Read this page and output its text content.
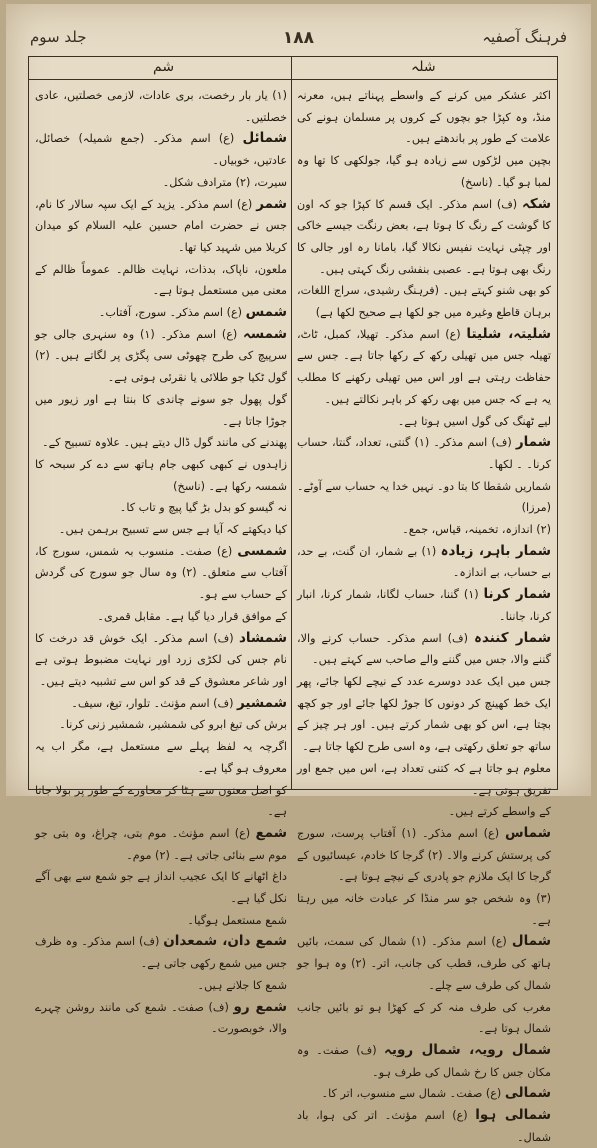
فرہنگ آصفیہ
۱۸۸
جلد سوم
شلہ
شم

اکثر عشکر میں کرنے کے واسطے پہناتے ہیں، معرنہ منڈ، وہ کپڑا جو بچوں کے کروں پر مسلمان ہونے کی علامت کے طور پر باندھتے ہیں۔

بچپن میں لڑکوں سے زیادہ ہو گیا، جولکھی کا تھا وہ لمبا ہو گیا۔ (ناسخ)

شکہ (ف) اسم مذکر۔ ایک قسم کا کپڑا جو کہ اون کا گوشت کے رنگ کا ہوتا ہے، بعض رنگت جیسے خاکی اور چپٹی نہایت نفیس نکالا گیا، بامانا رہ اور جالی کا رنگ بھی ہوتا ہے۔ عصبی بنفشی رنگ کہتی ہیں۔

کو بھی شنو کہتے ہیں۔ (فرہنگ رشیدی، سراج اللغات، برہان قاطع وغیرہ میں جو لکھا ہے صحیح لکھا ہے)

شلیتہ، شلیتا (ع) اسم مذکر۔ تھیلا، کمبل، ٹاٹ، تھیلہ جس میں تھیلی رکھ کے رکھا جاتا ہے۔ جس سے حفاظت رہتی ہے اور اس میں تھیلی رکھنے کا مطلب یہ ہے کہ جس میں بھی رکھ کر باہر نکالتے ہیں۔

لیے ٹھنگ کی گول اسیں ہوتا ہے۔

شمار (ف) اسم مذکر۔ (۱) گنتی، تعداد، گنتا، حساب کرنا۔ ۔ لکھا۔

شماریں شقطا کا بتا دو۔ نہیں خدا یہ حساب سے آوٹے۔ (مرزا)

(۲) اندازہ، تخمینہ، قیاس، جمع۔

شمار باہر، زیادہ (۱) بے شمار، ان گنت، بے حد، بے حساب، بے اندازہ۔

شمار کرنا (۱) گننا، حساب لگانا، شمار کرنا، انبار کرنا، جاننا۔

شمار کنندہ (ف) اسم مذکر۔ حساب کرنے والا، گننے والا، جس میں گننے والے صاحب سے کہتے ہیں۔

جس میں ایک عدد دوسرے عدد کے نیچے لکھا جائے، پھر ایک خط کھینچ کر دونوں کا جوڑ لکھا جائے اور جو کچھ بچتا ہے، اس کو بھی شمار کرتے ہیں۔ اور ہر چیز کے ساتھ جو تعلق رکھتی ہے، وہ اسی طرح لکھا جاتا ہے۔

معلوم ہو جاتا ہے کہ کتنی تعداد ہے، اس میں جمع اور تفریق ہوتی ہے۔

کے واسطے کرتے ہیں۔

شماس (ع) اسم مذکر۔ (۱) آفتاب پرست، سورج کی پرستش کرنے والا۔ (۲) گرجا کا خادم، عیسائیوں کے گرجا کا ایک ملازم جو پادری کے نیچے ہوتا ہے۔

(۳) وہ شخص جو سر منڈا کر عبادت خانہ میں رہتا ہے۔

شمال (ع) اسم مذکر۔ (۱) شمال کی سمت، بائیں ہاتھ کی طرف، قطب کی جانب، اتر۔ (۲) وہ ہوا جو شمال کی طرف سے چلے۔

مغرب کی طرف منہ کر کے کھڑا ہو تو بائیں جانب شمال ہوتا ہے۔

شمال رویہ، شمال رویہ (ف) صفت۔ وہ مکان جس کا رخ شمال کی طرف ہو۔

شمالی (ع) صفت۔ شمال سے منسوب، اتر کا۔

شمالی ہوا (ع) اسم مؤنث۔ اتر کی ہوا، باد شمال۔

(۱) یار بار رخصت، بری عادات، لازمی خصلتیں، عادی خصلتیں۔

شمائل (ع) اسم مذکر۔ (جمع شمیلہ) خصائل، عادتیں، خوبیاں۔

سیرت، (۲) مترادف شکل۔

شمر (ع) اسم مذکر۔ یزید کے ایک سپہ سالار کا نام، جس نے حضرت امام حسین علیہ السلام کو میدان کربلا میں شہید کیا تھا۔

ملعون، ناپاک، بدذات، نہایت ظالم۔ عموماً ظالم کے معنی میں مستعمل ہوتا ہے۔

شمس (ع) اسم مذکر۔ سورج، آفتاب۔

شمسہ (ع) اسم مذکر۔ (۱) وہ سنہری جالی جو سرپیچ کی طرح چھوٹی سی پگڑی پر لگاتے ہیں۔ (۲) گول ٹکیا جو طلائی یا نقرئی ہوتی ہے۔

گول پھول جو سونے چاندی کا بنتا ہے اور زیور میں جوڑا جاتا ہے۔

پھندنے کی مانند گول ڈال دیتے ہیں۔ علاوہ تسبیح کے۔

زاہدوں نے کبھی کبھی جام ہاتھ سے دے کر سبحہ کا شمسہ رکھا ہے۔ (ناسخ)

نہ گیسو کو بدل بڑ گیا پیچ و تاب کا۔

کیا دیکھتے کہ آیا ہے جس سے تسبیح برہمن ہیں۔

شمسی (ع) صفت۔ منسوب بہ شمس، سورج کا، آفتاب سے متعلق۔ (۲) وہ سال جو سورج کی گردش کے حساب سے ہو۔

کے موافق قرار دیا گیا ہے۔ مقابل قمری۔

شمشاد (ف) اسم مذکر۔ ایک خوش قد درخت کا نام جس کی لکڑی زرد اور نہایت مضبوط ہوتی ہے اور شاعر معشوق کے قد کو اس سے تشبیہ دیتے ہیں۔

شمشیر (ف) اسم مؤنث۔ تلوار، تیغ، سیف۔

برش کی تیغ ابرو کی شمشیر، شمشیر زنی کرنا۔

اگرچہ یہ لفظ پہلے سے مستعمل ہے، مگر اب یہ معروف ہو گیا ہے۔

کو اصل معنوں سے ہٹا کر محاورے کے طور پر بولا جاتا ہے۔

شمع (ع) اسم مؤنث۔ موم بتی، چراغ، وہ بتی جو موم سے بنائی جاتی ہے۔ (۲) موم۔

داغ اٹھانے کا ایک عجیب انداز ہے جو شمع سے بھی آگے نکل گیا ہے۔

شمع مستعمل ہوگیا۔

شمع دان، شمعدان (ف) اسم مذکر۔ وہ ظرف جس میں شمع رکھی جاتی ہے۔

شمع کا جلانے ہیں۔

شمع رو (ف) صفت۔ شمع کی مانند روشن چہرے والا، خوبصورت۔
